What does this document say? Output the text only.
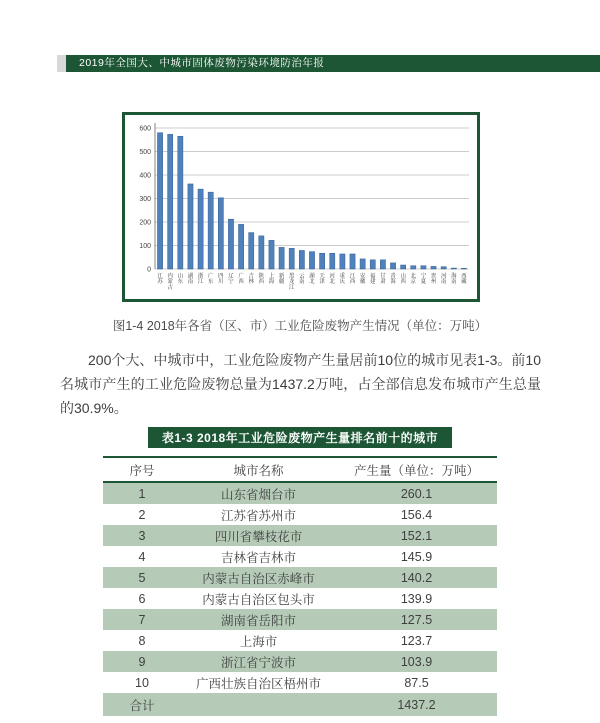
2019年全国大、中城市固体废物污染环境防治年报
0
100
200
300
400
500
600
江苏
内蒙古
山东
湖南
浙江
广东
四川
辽宁
广西
吉林
陕西
上海
新疆
黑龙江
云南
湖北
天津
河北
重庆
江西
安徽
福建
甘肃
青海
山西
北京
宁夏
贵州
河南
海南
西藏
图1-4 2018年各省（区、市）工业危险废物产生情况（单位：万吨）
200个大、中城市中，工业危险废物产生量居前10位的城市见表1-3。前10名城市产生的工业危险废物总量为1437.2万吨，占全部信息发布城市产生总量的30.9%。
表1-3 2018年工业危险废物产生量排名前十的城市
序号	城市名称	产生量（单位：万吨）
1	山东省烟台市	260.1
2	江苏省苏州市	156.4
3	四川省攀枝花市	152.1
4	吉林省吉林市	145.9
5	内蒙古自治区赤峰市	140.2
6	内蒙古自治区包头市	139.9
7	湖南省岳阳市	127.5
8	上海市	123.7
9	浙江省宁波市	103.9
10	广西壮族自治区梧州市	87.5
合计		1437.2
